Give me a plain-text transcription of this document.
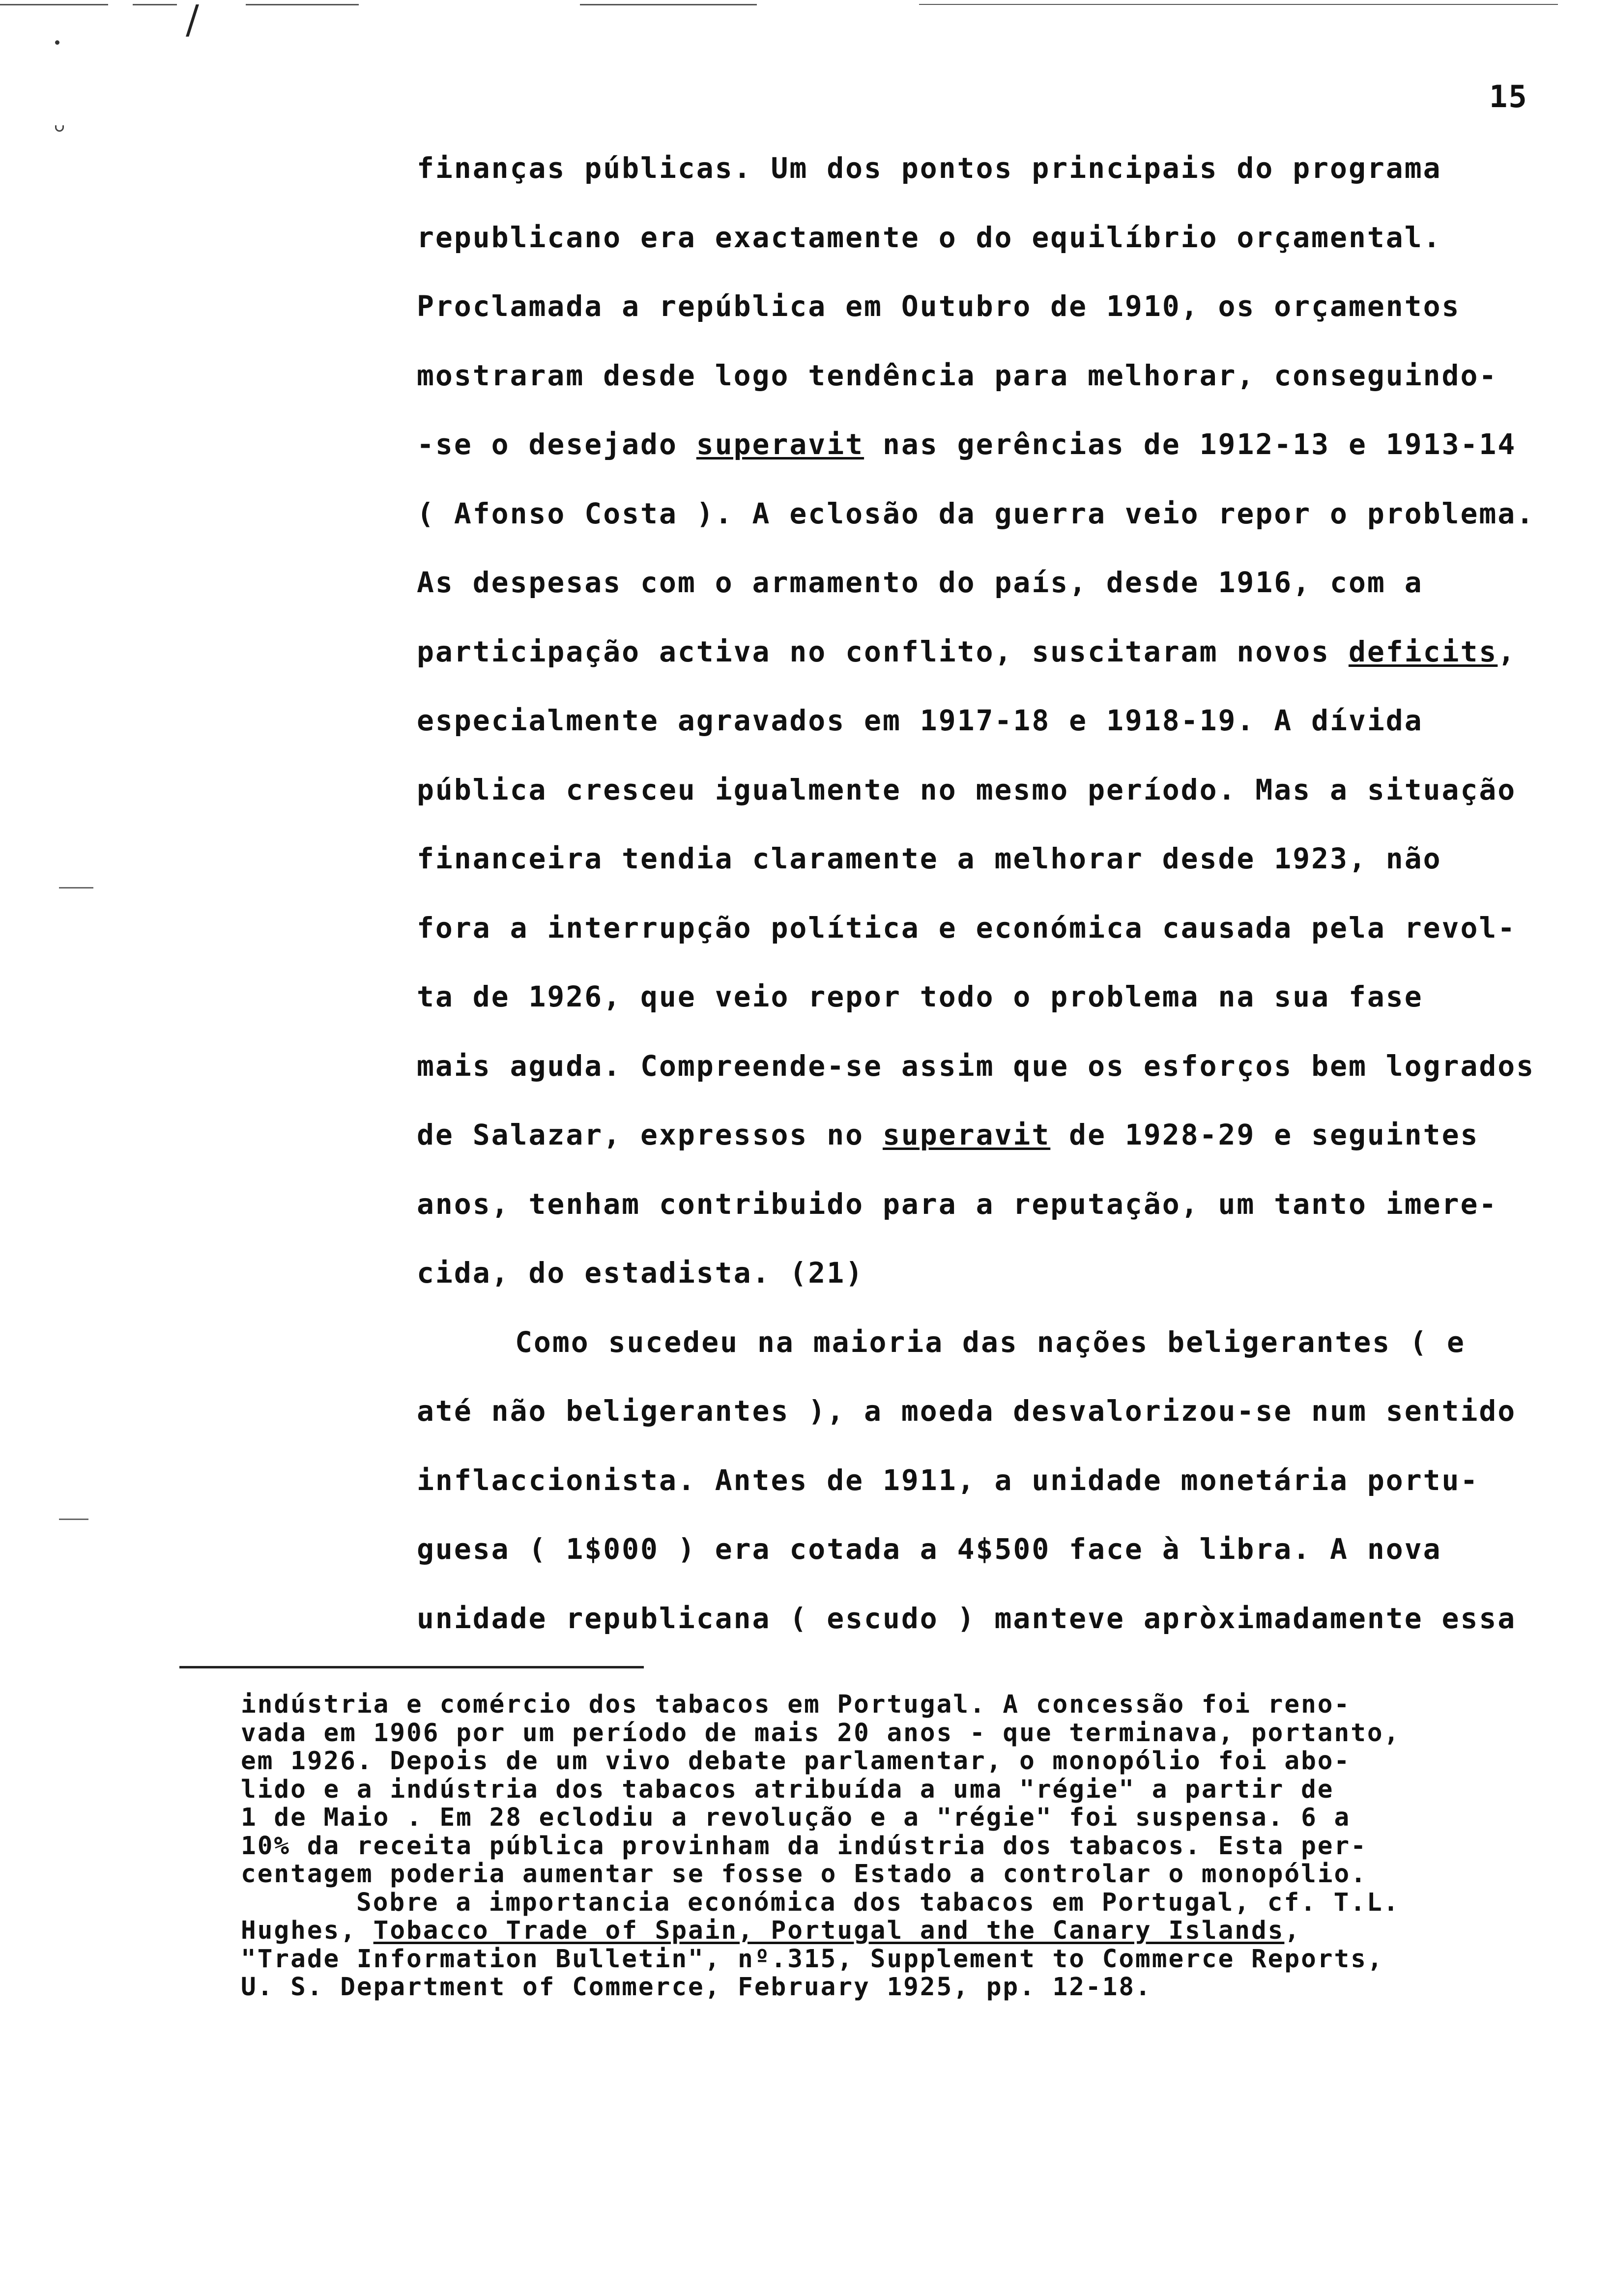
/
15
finanças públicas. Um dos pontos principais do programa
republicano era exactamente o do equilíbrio orçamental.
Proclamada a república em Outubro de 1910, os orçamentos
mostraram desde logo tendência para melhorar, conseguindo-
-se o desejado superavit nas gerências de 1912-13 e 1913-14
( Afonso Costa ). A eclosão da guerra veio repor o problema.
As despesas com o armamento do país, desde 1916, com a
participação activa no conflito, suscitaram novos deficits,
especialmente agravados em 1917-18 e 1918-19. A dívida
pública cresceu igualmente no mesmo período. Mas a situação
financeira tendia claramente a melhorar desde 1923, não
fora a interrupção política e económica causada pela revol-
ta de 1926, que veio repor todo o problema na sua fase
mais aguda. Compreende-se assim que os esforços bem logrados
de Salazar, expressos no superavit de 1928-29 e seguintes
anos, tenham contribuido para a reputação, um tanto imere-
cida, do estadista. (21)
Como sucedeu na maioria das nações beligerantes ( e
até não beligerantes ), a moeda desvalorizou-se num sentido
inflaccionista. Antes de 1911, a unidade monetária portu-
guesa ( 1$000 ) era cotada a 4$500 face à libra. A nova
unidade republicana ( escudo ) manteve apròximadamente essa
indústria e comércio dos tabacos em Portugal. A concessão foi reno-
vada em 1906 por um período de mais 20 anos - que terminava, portanto,
em 1926. Depois de um vivo debate parlamentar, o monopólio foi abo-
lido e a indústria dos tabacos atribuída a uma "régie" a partir de
1 de Maio . Em 28 eclodiu a revolução e a "régie" foi suspensa. 6 a
10% da receita pública provinham da indústria dos tabacos. Esta per-
centagem poderia aumentar se fosse o Estado a controlar o monopólio.
Sobre a importancia económica dos tabacos em Portugal, cf. T.L.
Hughes, Tobacco Trade of Spain, Portugal and the Canary Islands,
"Trade Information Bulletin", nº.315, Supplement to Commerce Reports,
U. S. Department of Commerce, February 1925, pp. 12-18.
